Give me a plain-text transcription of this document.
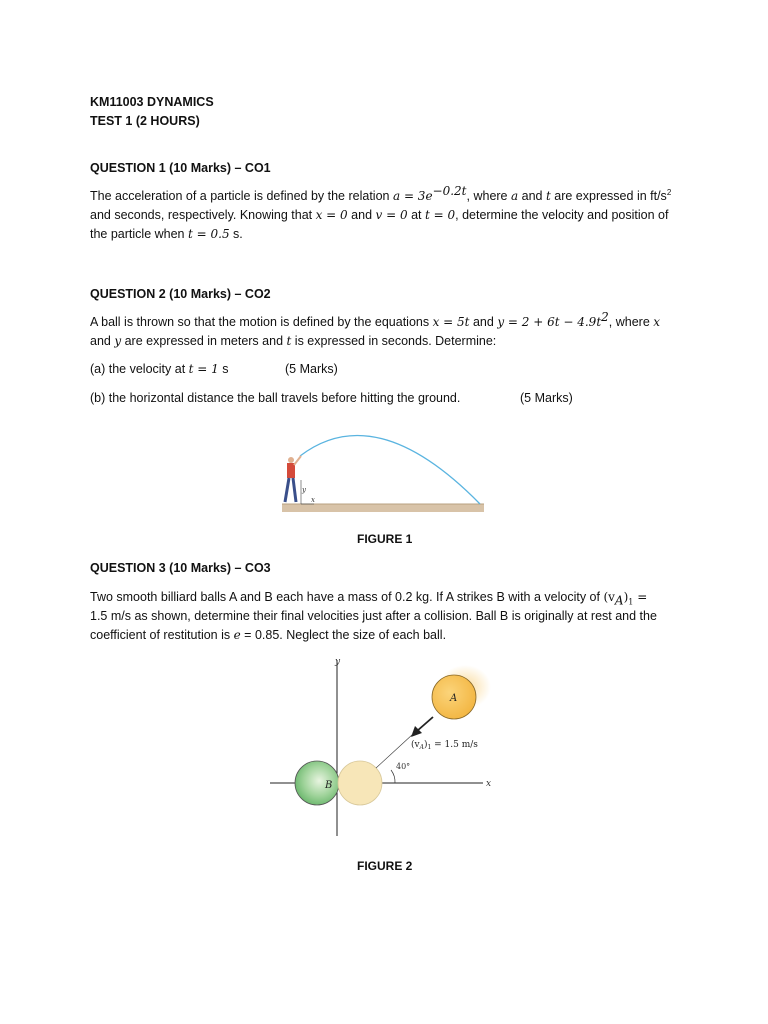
KM11003 DYNAMICS
TEST 1 (2 HOURS)
QUESTION 1 (10 Marks) – CO1
The acceleration of a particle is defined by the relation $a = 3e^{-0.2t}$, where a and t are expressed in $ft/s^2$
and seconds, respectively. Knowing that x = 0 and v = 0 at t = 0, determine the velocity and position of
the particle when t = 0.5 s.
QUESTION 2 (10 Marks) – CO2
A ball is thrown so that the motion is defined by the equations x = 5t and $y = 2 + 6t - 4.9t^2$, where x
and y are expressed in meters and t is expressed in seconds. Determine:
(a) the velocity at t = 1 s	(5 Marks)
(b) the horizontal distance the ball travels before hitting the ground.	(5 Marks)
y
x
FIGURE 1
QUESTION 3 (10 Marks) – CO3
Two smooth billiard balls A and B each have a mass of 0.2 kg. If A strikes B with a velocity of $(v_A)_1$ =
1.5 m/s as shown, determine their final velocities just after a collision. Ball B is originally at rest and the
coefficient of restitution is e = 0.85. Neglect the size of each ball.
y
x
B
A
40°
$(v_A)_1 = 1.5$ m/s
FIGURE 2
